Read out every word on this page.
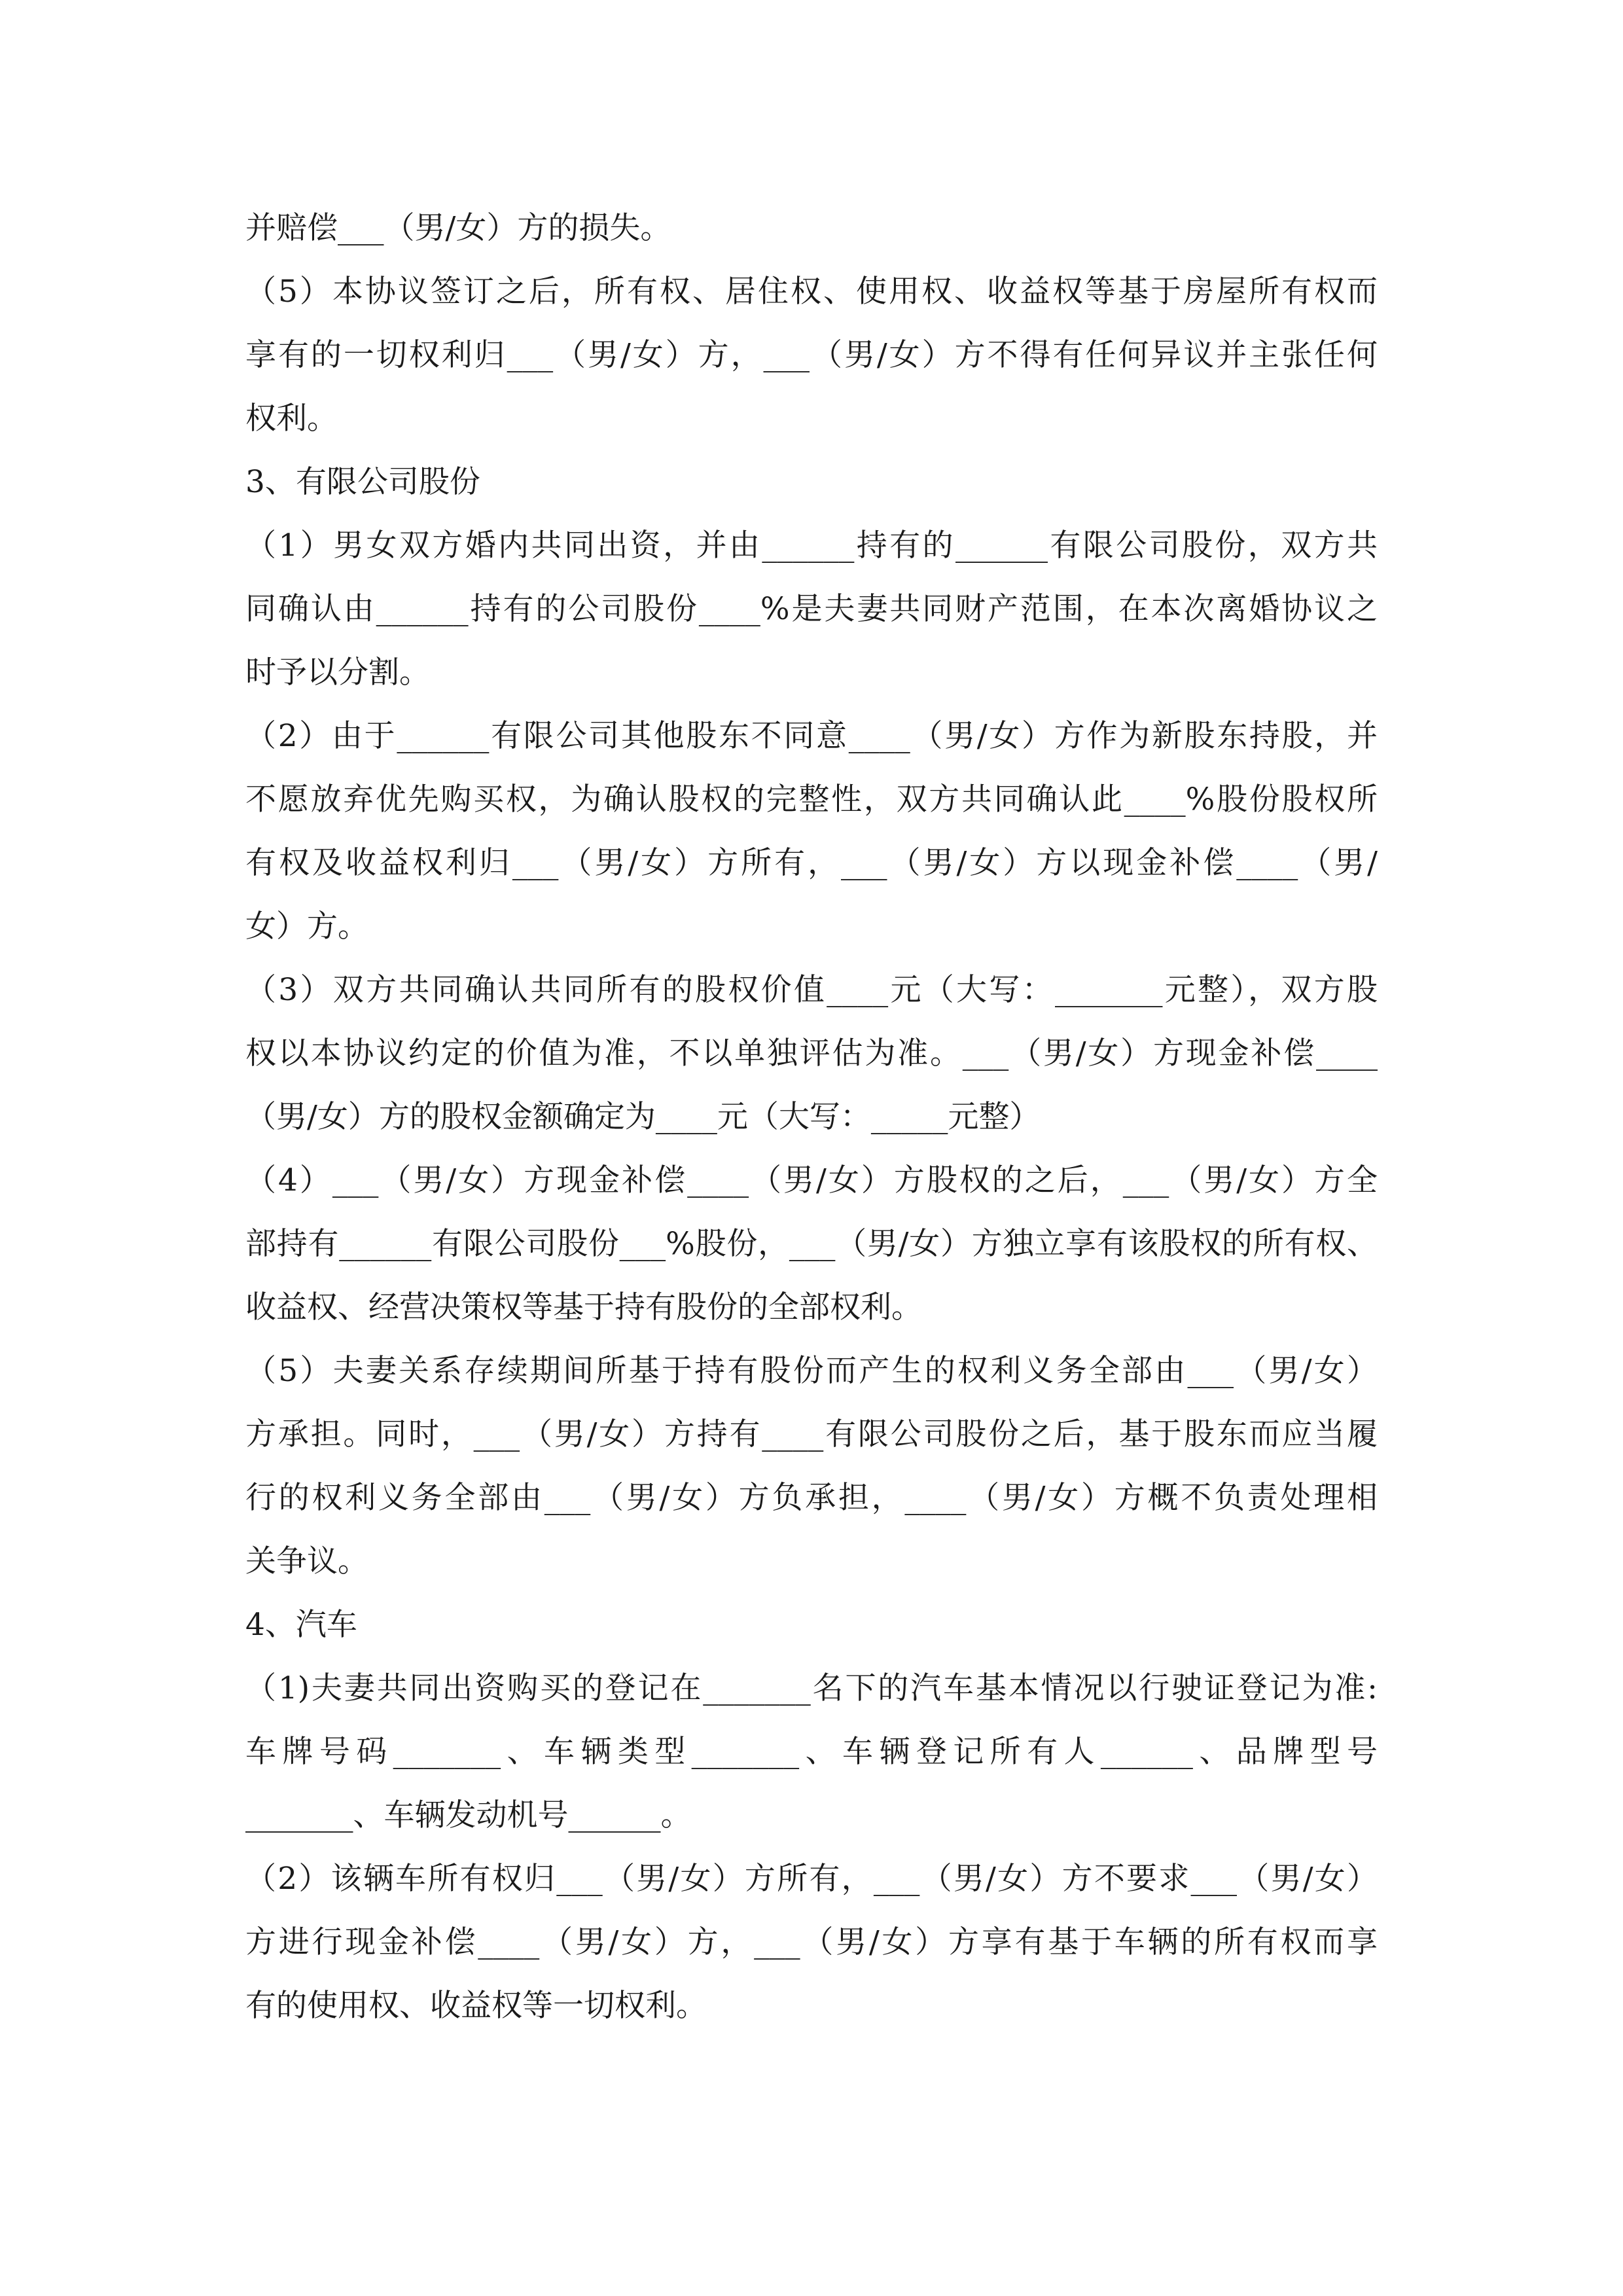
并赔偿___（男/女）方的损失。
（5）本协议签订之后，所有权、居住权、使用权、收益权等基于房屋所有权而
享有的一切权利归___（男/女）方，___（男/女）方不得有任何异议并主张任何
权利。
3、有限公司股份
（1）男女双方婚内共同出资，并由______持有的______有限公司股份，双方共
同确认由______持有的公司股份____%是夫妻共同财产范围，在本次离婚协议之
时予以分割。
（2）由于______有限公司其他股东不同意____（男/女）方作为新股东持股，并
不愿放弃优先购买权，为确认股权的完整性，双方共同确认此____%股份股权所
有权及收益权利归___（男/女）方所有，___（男/女）方以现金补偿____（男/
女）方。
（3）双方共同确认共同所有的股权价值____元（大写：_______元整），双方股
权以本协议约定的价值为准，不以单独评估为准。___（男/女）方现金补偿____
（男/女）方的股权金额确定为____元（大写：_____元整）
（4）___（男/女）方现金补偿____（男/女）方股权的之后，___（男/女）方全
部持有______有限公司股份___%股份，___（男/女）方独立享有该股权的所有权、
收益权、经营决策权等基于持有股份的全部权利。
（5）夫妻关系存续期间所基于持有股份而产生的权利义务全部由___（男/女）
方承担。同时，___（男/女）方持有____有限公司股份之后，基于股东而应当履
行的权利义务全部由___（男/女）方负承担，____（男/女）方概不负责处理相
关争议。
4、汽车
（1)夫妻共同出资购买的登记在_______名下的汽车基本情况以行驶证登记为准:
车牌号码_______、车辆类型_______、车辆登记所有人______、品牌型号
_______、车辆发动机号______。
（2）该辆车所有权归___（男/女）方所有，___（男/女）方不要求___（男/女）
方进行现金补偿____（男/女）方，___（男/女）方享有基于车辆的所有权而享
有的使用权、收益权等一切权利。
